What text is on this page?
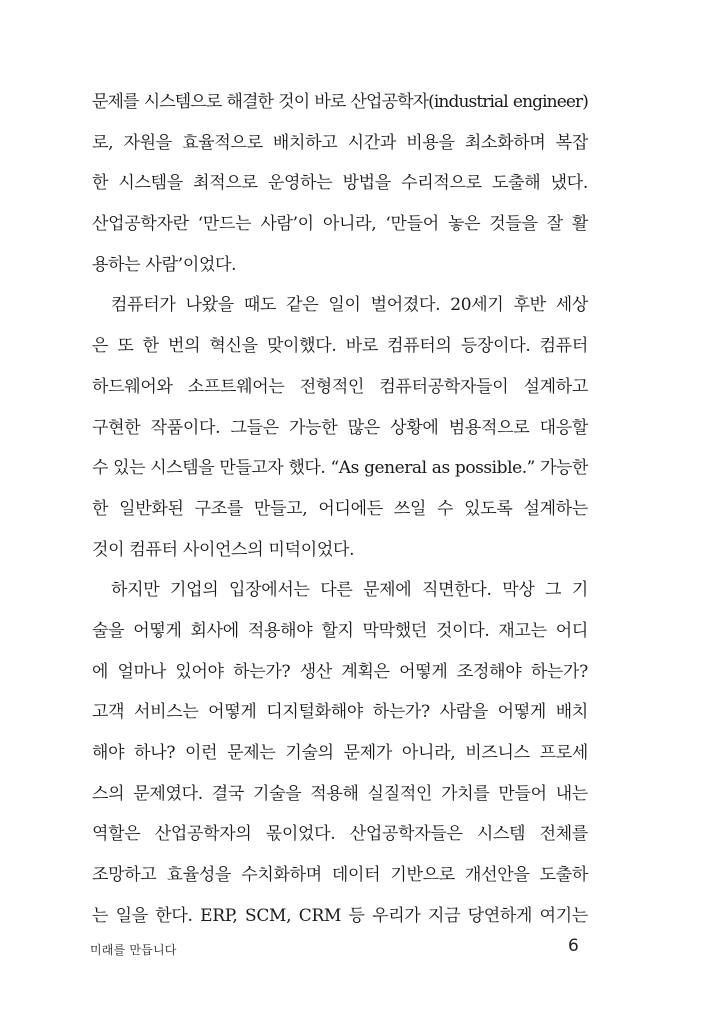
문제를 시스템으로 해결한 것이 바로 산업공학자(industrial engineer)
로, 자원을 효율적으로 배치하고 시간과 비용을 최소화하며 복잡
한 시스템을 최적으로 운영하는 방법을 수리적으로 도출해 냈다.
산업공학자란 ‘만드는 사람’이 아니라, ‘만들어 놓은 것들을 잘 활
용하는 사람’이었다.
컴퓨터가 나왔을 때도 같은 일이 벌어졌다. 20세기 후반 세상
은 또 한 번의 혁신을 맞이했다. 바로 컴퓨터의 등장이다. 컴퓨터
하드웨어와 소프트웨어는 전형적인 컴퓨터공학자들이 설계하고
구현한 작품이다. 그들은 가능한 많은 상황에 범용적으로 대응할
수 있는 시스템을 만들고자 했다. “As general as possible.” 가능한
한 일반화된 구조를 만들고, 어디에든 쓰일 수 있도록 설계하는
것이 컴퓨터 사이언스의 미덕이었다.
하지만 기업의 입장에서는 다른 문제에 직면한다. 막상 그 기
술을 어떻게 회사에 적용해야 할지 막막했던 것이다. 재고는 어디
에 얼마나 있어야 하는가? 생산 계획은 어떻게 조정해야 하는가?
고객 서비스는 어떻게 디지털화해야 하는가? 사람을 어떻게 배치
해야 하나? 이런 문제는 기술의 문제가 아니라, 비즈니스 프로세
스의 문제였다. 결국 기술을 적용해 실질적인 가치를 만들어 내는
역할은 산업공학자의 몫이었다. 산업공학자들은 시스템 전체를
조망하고 효율성을 수치화하며 데이터 기반으로 개선안을 도출하
는 일을 한다. ERP, SCM, CRM 등 우리가 지금 당연하게 여기는
미래를 만듭니다	6
